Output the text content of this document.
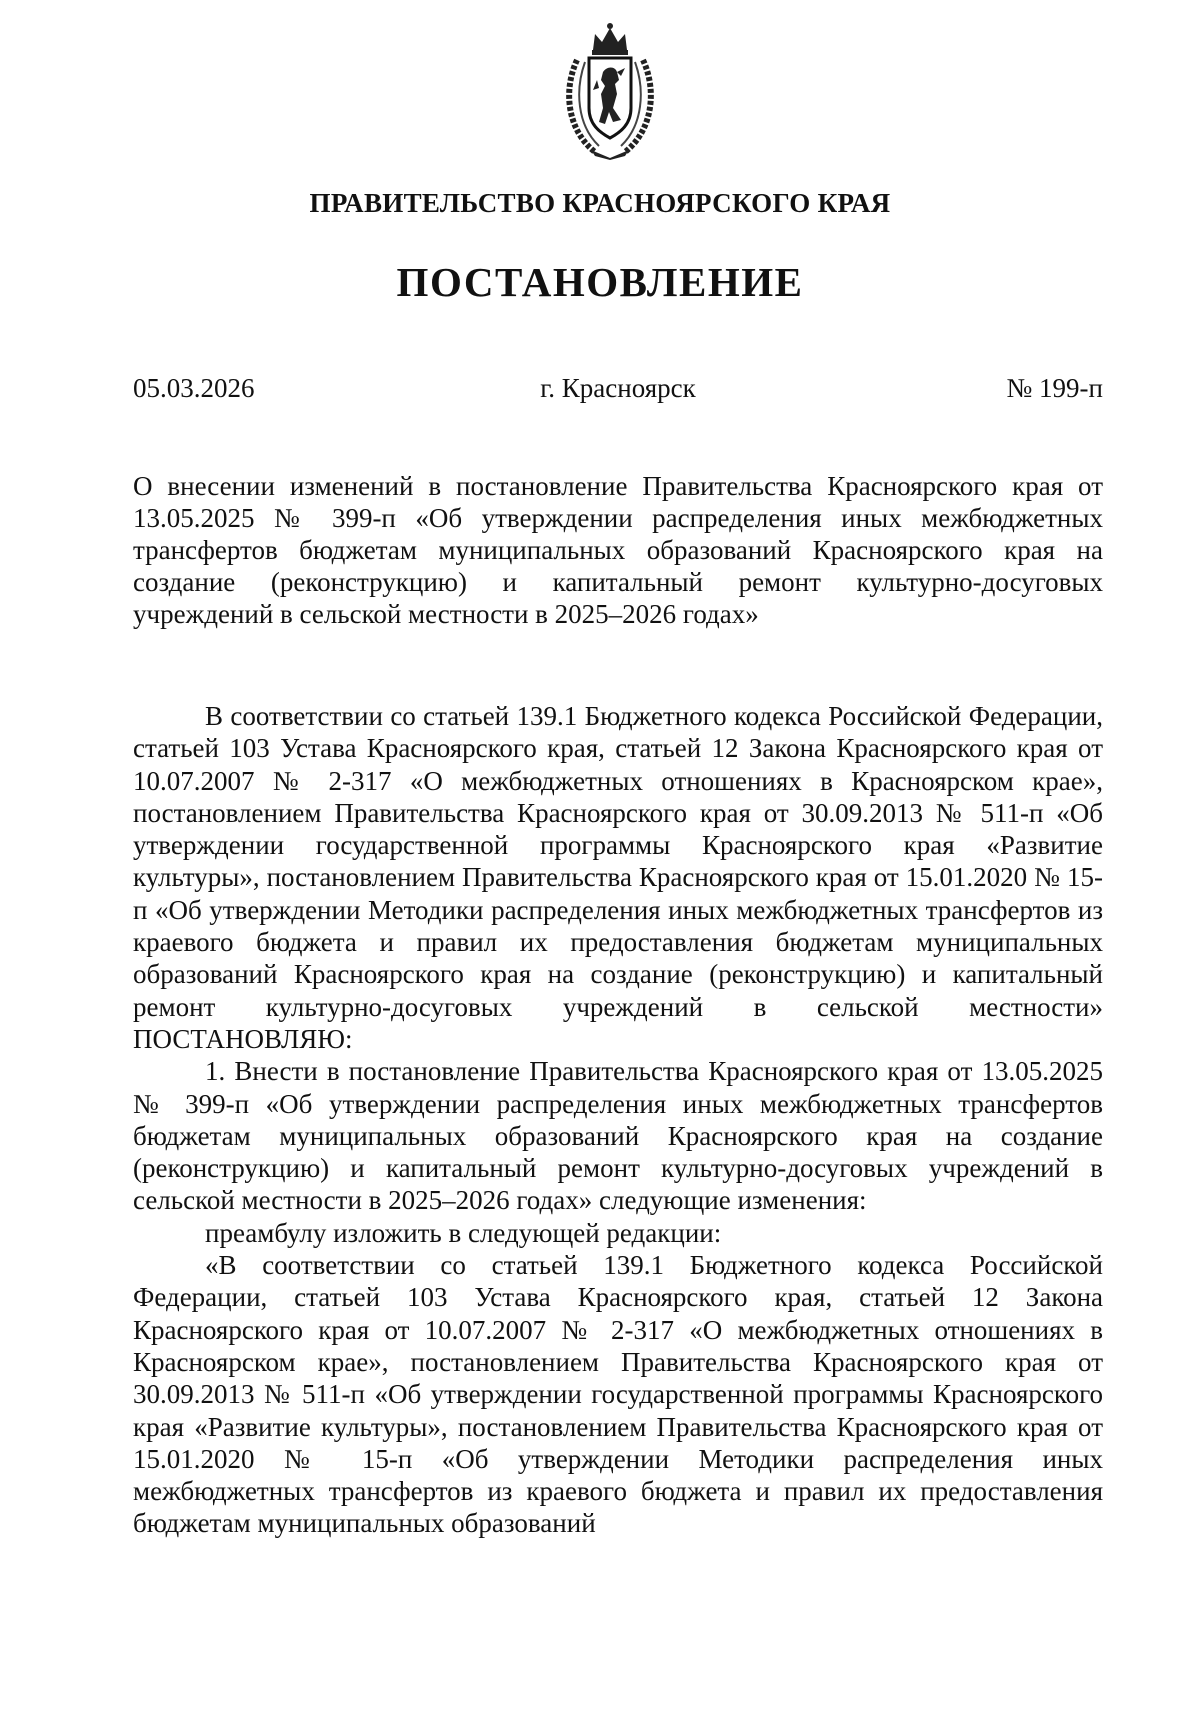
ПРАВИТЕЛЬСТВО КРАСНОЯРСКОГО КРАЯ
ПОСТАНОВЛЕНИЕ
05.03.2026	г. Красноярск	№ 199-п
О внесении изменений в постановление Правительства Красноярского края от 13.05.2025 № 399-п «Об утверждении распределения иных межбюджетных трансфертов бюджетам муниципальных образований Красноярского края на создание (реконструкцию) и капитальный ремонт культурно-досуговых учреждений в сельской местности в 2025–2026 годах»

В соответствии со статьей 139.1 Бюджетного кодекса Российской Федерации, статьей 103 Устава Красноярского края, статьей 12 Закона Красноярского края от 10.07.2007 № 2-317 «О межбюджетных отношениях в Красноярском крае», постановлением Правительства Красноярского края от 30.09.2013 № 511-п «Об утверждении государственной программы Красноярского края «Развитие культуры», постановлением Правительства Красноярского края от 15.01.2020 № 15-п «Об утверждении Методики распределения иных межбюджетных трансфертов из краевого бюджета и правил их предоставления бюджетам муниципальных образований Красноярского края на создание (реконструкцию) и капитальный ремонт культурно-досуговых учреждений в сельской местности» ПОСТАНОВЛЯЮ:

1. Внести в постановление Правительства Красноярского края от 13.05.2025 № 399-п «Об утверждении распределения иных межбюджетных трансфертов бюджетам муниципальных образований Красноярского края на создание (реконструкцию) и капитальный ремонт культурно-досуговых учреждений в сельской местности в 2025–2026 годах» следующие изменения:

преамбулу изложить в следующей редакции:

«В соответствии со статьей 139.1 Бюджетного кодекса Российской Федерации, статьей 103 Устава Красноярского края, статьей 12 Закона Красноярского края от 10.07.2007 № 2-317 «О межбюджетных отношениях в Красноярском крае», постановлением Правительства Красноярского края от 30.09.2013 № 511-п «Об утверждении государственной программы Красноярского края «Развитие культуры», постановлением Правительства Красноярского края от 15.01.2020 № 15-п «Об утверждении Методики распределения иных межбюджетных трансфертов из краевого бюджета и правил их предоставления бюджетам муниципальных образований
